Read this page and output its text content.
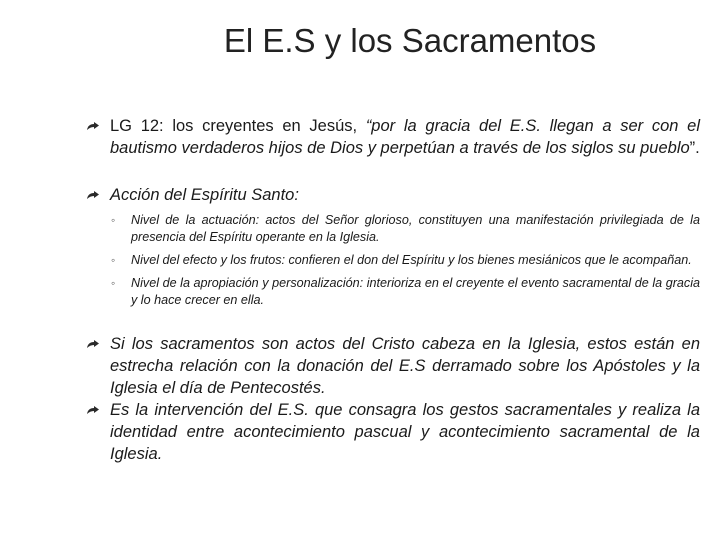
El E.S y los Sacramentos
LG 12: los creyentes en Jesús, “por la gracia del E.S. llegan a ser con el bautismo verdaderos hijos de Dios y perpetúan a través de los siglos su pueblo”.
Acción del Espíritu Santo:
◦ Nivel de la actuación: actos del Señor glorioso, constituyen una manifestación privilegiada de la presencia del Espíritu operante en la Iglesia.
◦ Nivel del efecto y los frutos: confieren el don del Espíritu y los bienes mesiánicos que le acompañan.
◦ Nivel de la apropiación y personalización: interioriza en el creyente el evento sacramental de la gracia y lo hace crecer en ella.
Si los sacramentos son actos del Cristo cabeza en la Iglesia, estos están en estrecha relación con la donación del E.S derramado sobre los Apóstoles y la Iglesia el día de Pentecostés.
Es la intervención del E.S. que consagra los gestos sacramentales y realiza la identidad entre acontecimiento pascual y acontecimiento sacramental de la Iglesia.
